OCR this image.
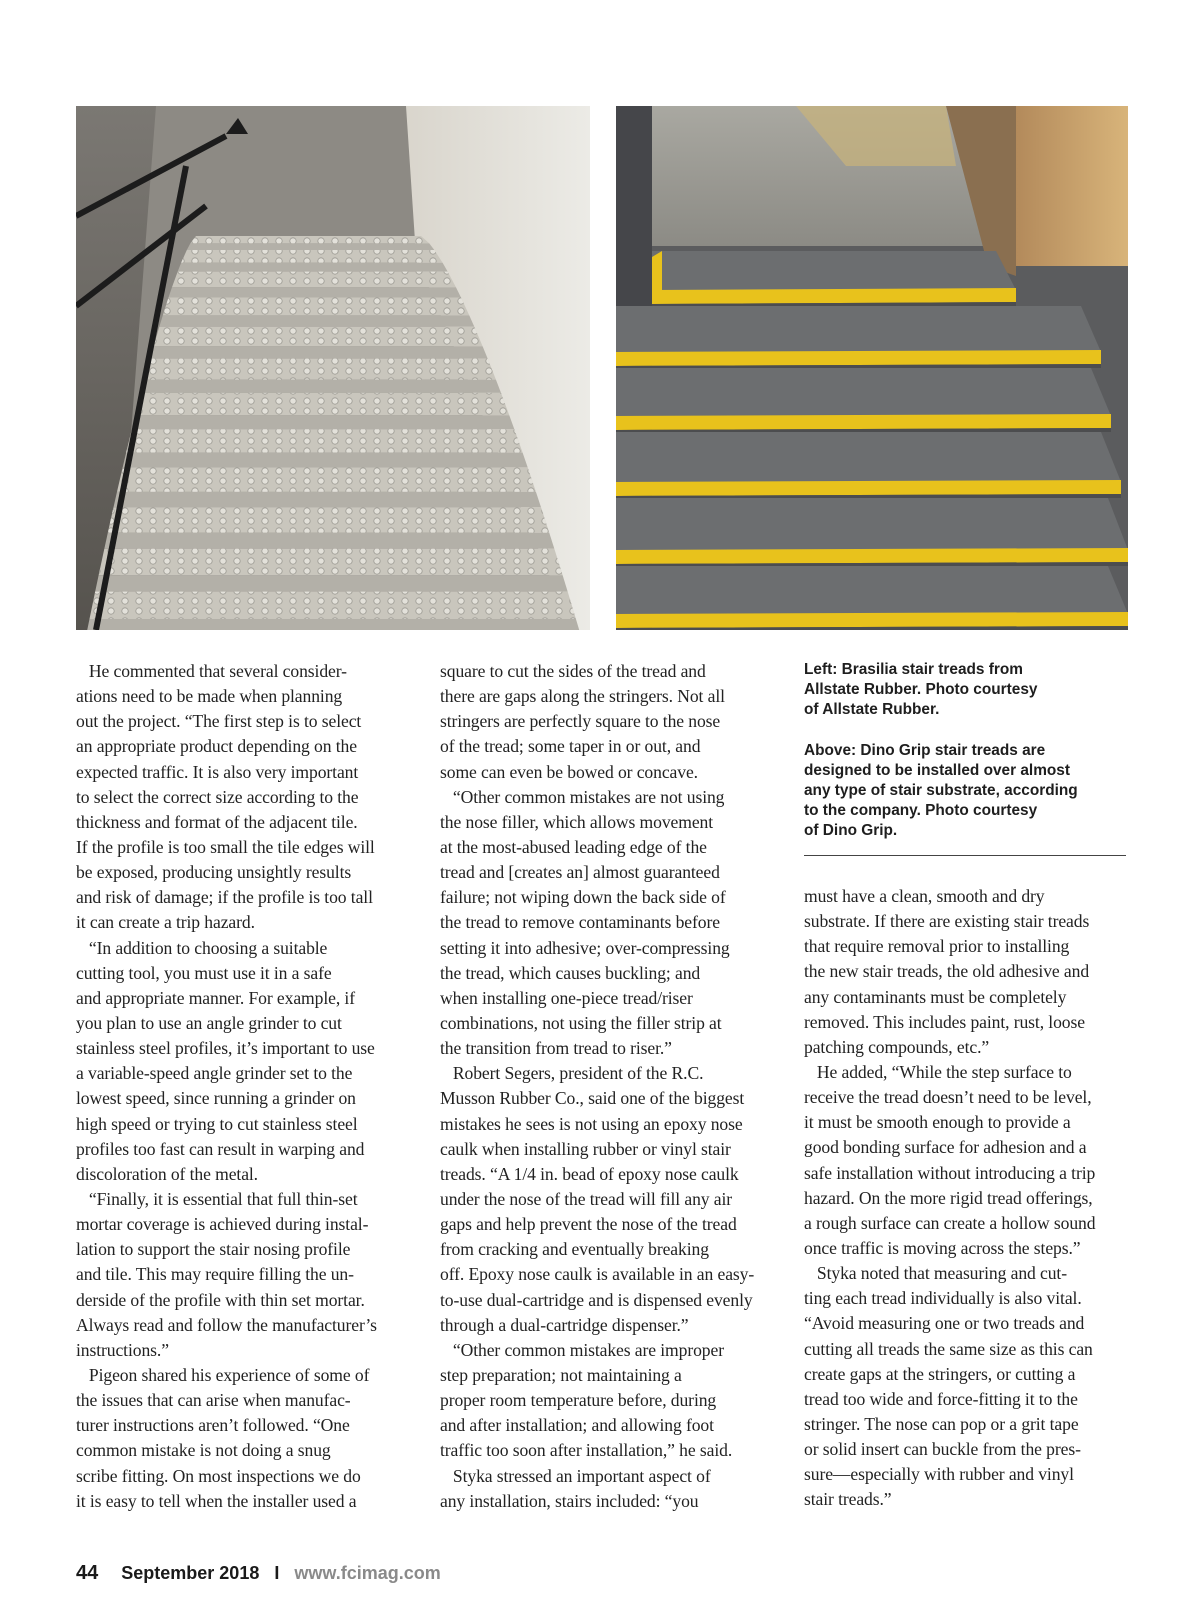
He commented that several consider-
ations need to be made when planning
out the project. “The first step is to select
an appropriate product depending on the
expected traffic. It is also very important
to select the correct size according to the
thickness and format of the adjacent tile.
If the profile is too small the tile edges will
be exposed, producing unsightly results
and risk of damage; if the profile is too tall
it can create a trip hazard.
“In addition to choosing a suitable
cutting tool, you must use it in a safe
and appropriate manner. For example, if
you plan to use an angle grinder to cut
stainless steel profiles, it’s important to use
a variable-speed angle grinder set to the
lowest speed, since running a grinder on
high speed or trying to cut stainless steel
profiles too fast can result in warping and
discoloration of the metal.
“Finally, it is essential that full thin-set
mortar coverage is achieved during instal-
lation to support the stair nosing profile
and tile. This may require filling the un-
derside of the profile with thin set mortar.
Always read and follow the manufacturer’s
instructions.”
Pigeon shared his experience of some of
the issues that can arise when manufac-
turer instructions aren’t followed. “One
common mistake is not doing a snug
scribe fitting. On most inspections we do
it is easy to tell when the installer used a
square to cut the sides of the tread and
there are gaps along the stringers. Not all
stringers are perfectly square to the nose
of the tread; some taper in or out, and
some can even be bowed or concave.
“Other common mistakes are not using
the nose filler, which allows movement
at the most-abused leading edge of the
tread and [creates an] almost guaranteed
failure; not wiping down the back side of
the tread to remove contaminants before
setting it into adhesive; over-compressing
the tread, which causes buckling; and
when installing one-piece tread/riser
combinations, not using the filler strip at
the transition from tread to riser.”
Robert Segers, president of the R.C.
Musson Rubber Co., said one of the biggest
mistakes he sees is not using an epoxy nose
caulk when installing rubber or vinyl stair
treads. “A 1/4 in. bead of epoxy nose caulk
under the nose of the tread will fill any air
gaps and help prevent the nose of the tread
from cracking and eventually breaking
off. Epoxy nose caulk is available in an easy-
to-use dual-cartridge and is dispensed evenly
through a dual-cartridge dispenser.”
“Other common mistakes are improper
step preparation; not maintaining a
proper room temperature before, during
and after installation; and allowing foot
traffic too soon after installation,” he said.
Styka stressed an important aspect of
any installation, stairs included: “you
Left: Brasilia stair treads from
Allstate Rubber. Photo courtesy
of Allstate Rubber.
Above: Dino Grip stair treads are
designed to be installed over almost
any type of stair substrate, according
to the company. Photo courtesy
of Dino Grip.
must have a clean, smooth and dry
substrate. If there are existing stair treads
that require removal prior to installing
the new stair treads, the old adhesive and
any contaminants must be completely
removed. This includes paint, rust, loose
patching compounds, etc.”
He added, “While the step surface to
receive the tread doesn’t need to be level,
it must be smooth enough to provide a
good bonding surface for adhesion and a
safe installation without introducing a trip
hazard. On the more rigid tread offerings,
a rough surface can create a hollow sound
once traffic is moving across the steps.”
Styka noted that measuring and cut-
ting each tread individually is also vital.
“Avoid measuring one or two treads and
cutting all treads the same size as this can
create gaps at the stringers, or cutting a
tread too wide and force-fitting it to the
stringer. The nose can pop or a grit tape
or solid insert can buckle from the pres-
sure—especially with rubber and vinyl
stair treads.”
44 September 2018 I www.fcimag.com
